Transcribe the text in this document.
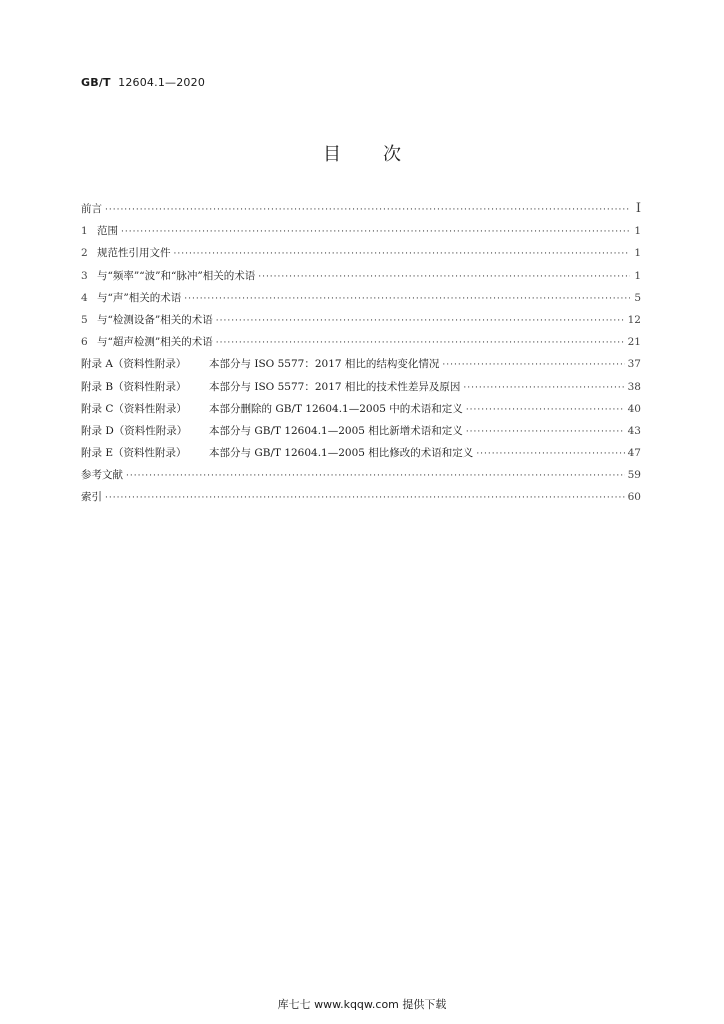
GB/T 12604.1—2020
目 次
前言 ·····	Ⅰ
1 范围 ·····	1
2 规范性引用文件 ·····	1
3 与“频率”“波”和“脉冲”相关的术语 ·····	1
4 与“声”相关的术语 ·····	5
5 与“检测设备”相关的术语 ·····	12
6 与“超声检测”相关的术语 ·····	21
附录 A（资料性附录） 本部分与 ISO 5577：2017 相比的结构变化情况 ·····	37
附录 B（资料性附录） 本部分与 ISO 5577：2017 相比的技术性差异及原因 ·····	38
附录 C（资料性附录） 本部分删除的 GB/T 12604.1—2005 中的术语和定义 ·····	40
附录 D（资料性附录） 本部分与 GB/T 12604.1—2005 相比新增术语和定义 ·····	43
附录 E（资料性附录） 本部分与 GB/T 12604.1—2005 相比修改的术语和定义 ·····	47
参考文献 ·····	59
索引 ·····	60
库七七 www.kqqw.com 提供下载
